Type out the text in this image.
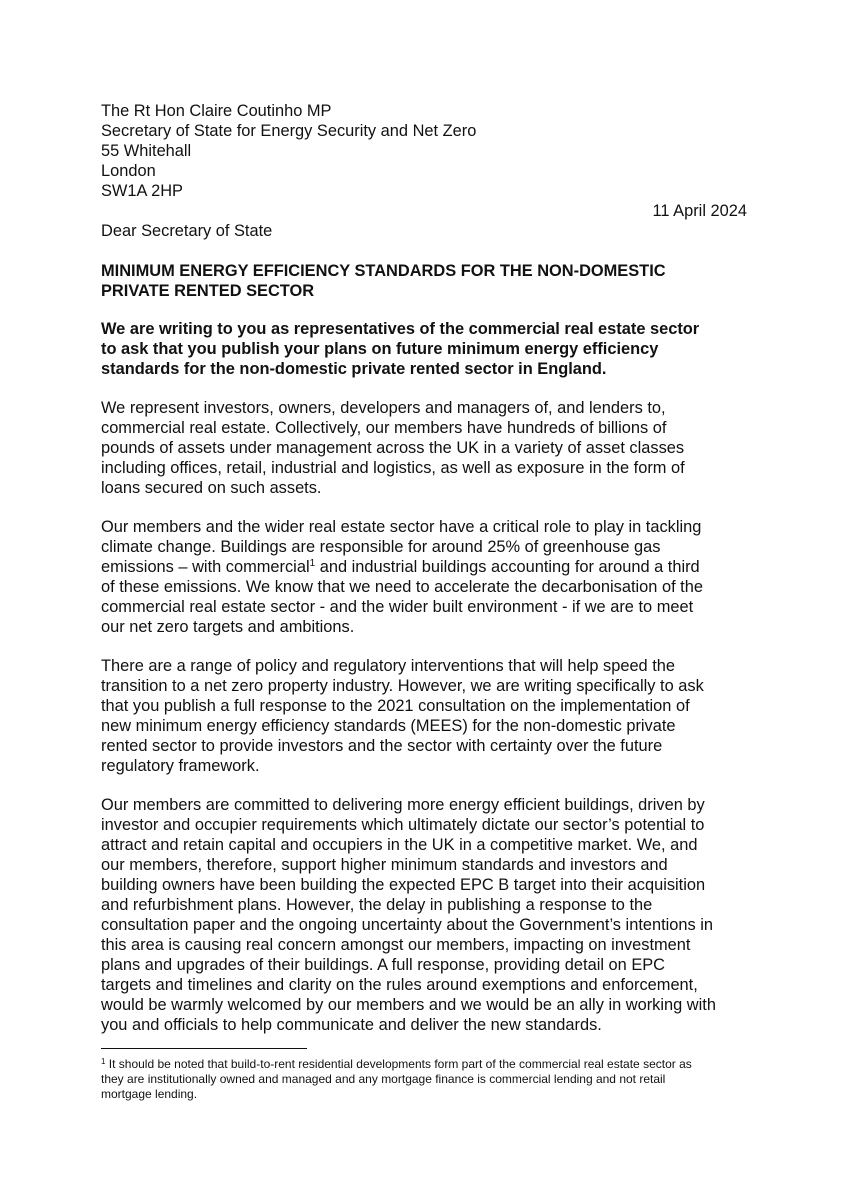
The Rt Hon Claire Coutinho MP
Secretary of State for Energy Security and Net Zero
55 Whitehall
London
SW1A 2HP
11 April 2024
Dear Secretary of State
MINIMUM ENERGY EFFICIENCY STANDARDS FOR THE NON-DOMESTIC
PRIVATE RENTED SECTOR
We are writing to you as representatives of the commercial real estate sector
to ask that you publish your plans on future minimum energy efficiency
standards for the non-domestic private rented sector in England.
We represent investors, owners, developers and managers of, and lenders to,
commercial real estate. Collectively, our members have hundreds of billions of
pounds of assets under management across the UK in a variety of asset classes
including offices, retail, industrial and logistics, as well as exposure in the form of
loans secured on such assets.
Our members and the wider real estate sector have a critical role to play in tackling
climate change. Buildings are responsible for around 25% of greenhouse gas
emissions – with commercial$^1$ and industrial buildings accounting for around a third
of these emissions. We know that we need to accelerate the decarbonisation of the
commercial real estate sector - and the wider built environment - if we are to meet
our net zero targets and ambitions.
There are a range of policy and regulatory interventions that will help speed the
transition to a net zero property industry. However, we are writing specifically to ask
that you publish a full response to the 2021 consultation on the implementation of
new minimum energy efficiency standards (MEES) for the non-domestic private
rented sector to provide investors and the sector with certainty over the future
regulatory framework.
Our members are committed to delivering more energy efficient buildings, driven by
investor and occupier requirements which ultimately dictate our sector’s potential to
attract and retain capital and occupiers in the UK in a competitive market. We, and
our members, therefore, support higher minimum standards and investors and
building owners have been building the expected EPC B target into their acquisition
and refurbishment plans. However, the delay in publishing a response to the
consultation paper and the ongoing uncertainty about the Government’s intentions in
this area is causing real concern amongst our members, impacting on investment
plans and upgrades of their buildings. A full response, providing detail on EPC
targets and timelines and clarity on the rules around exemptions and enforcement,
would be warmly welcomed by our members and we would be an ally in working with
you and officials to help communicate and deliver the new standards.
$^1$ It should be noted that build-to-rent residential developments form part of the commercial real estate sector as
they are institutionally owned and managed and any mortgage finance is commercial lending and not retail
mortgage lending.
